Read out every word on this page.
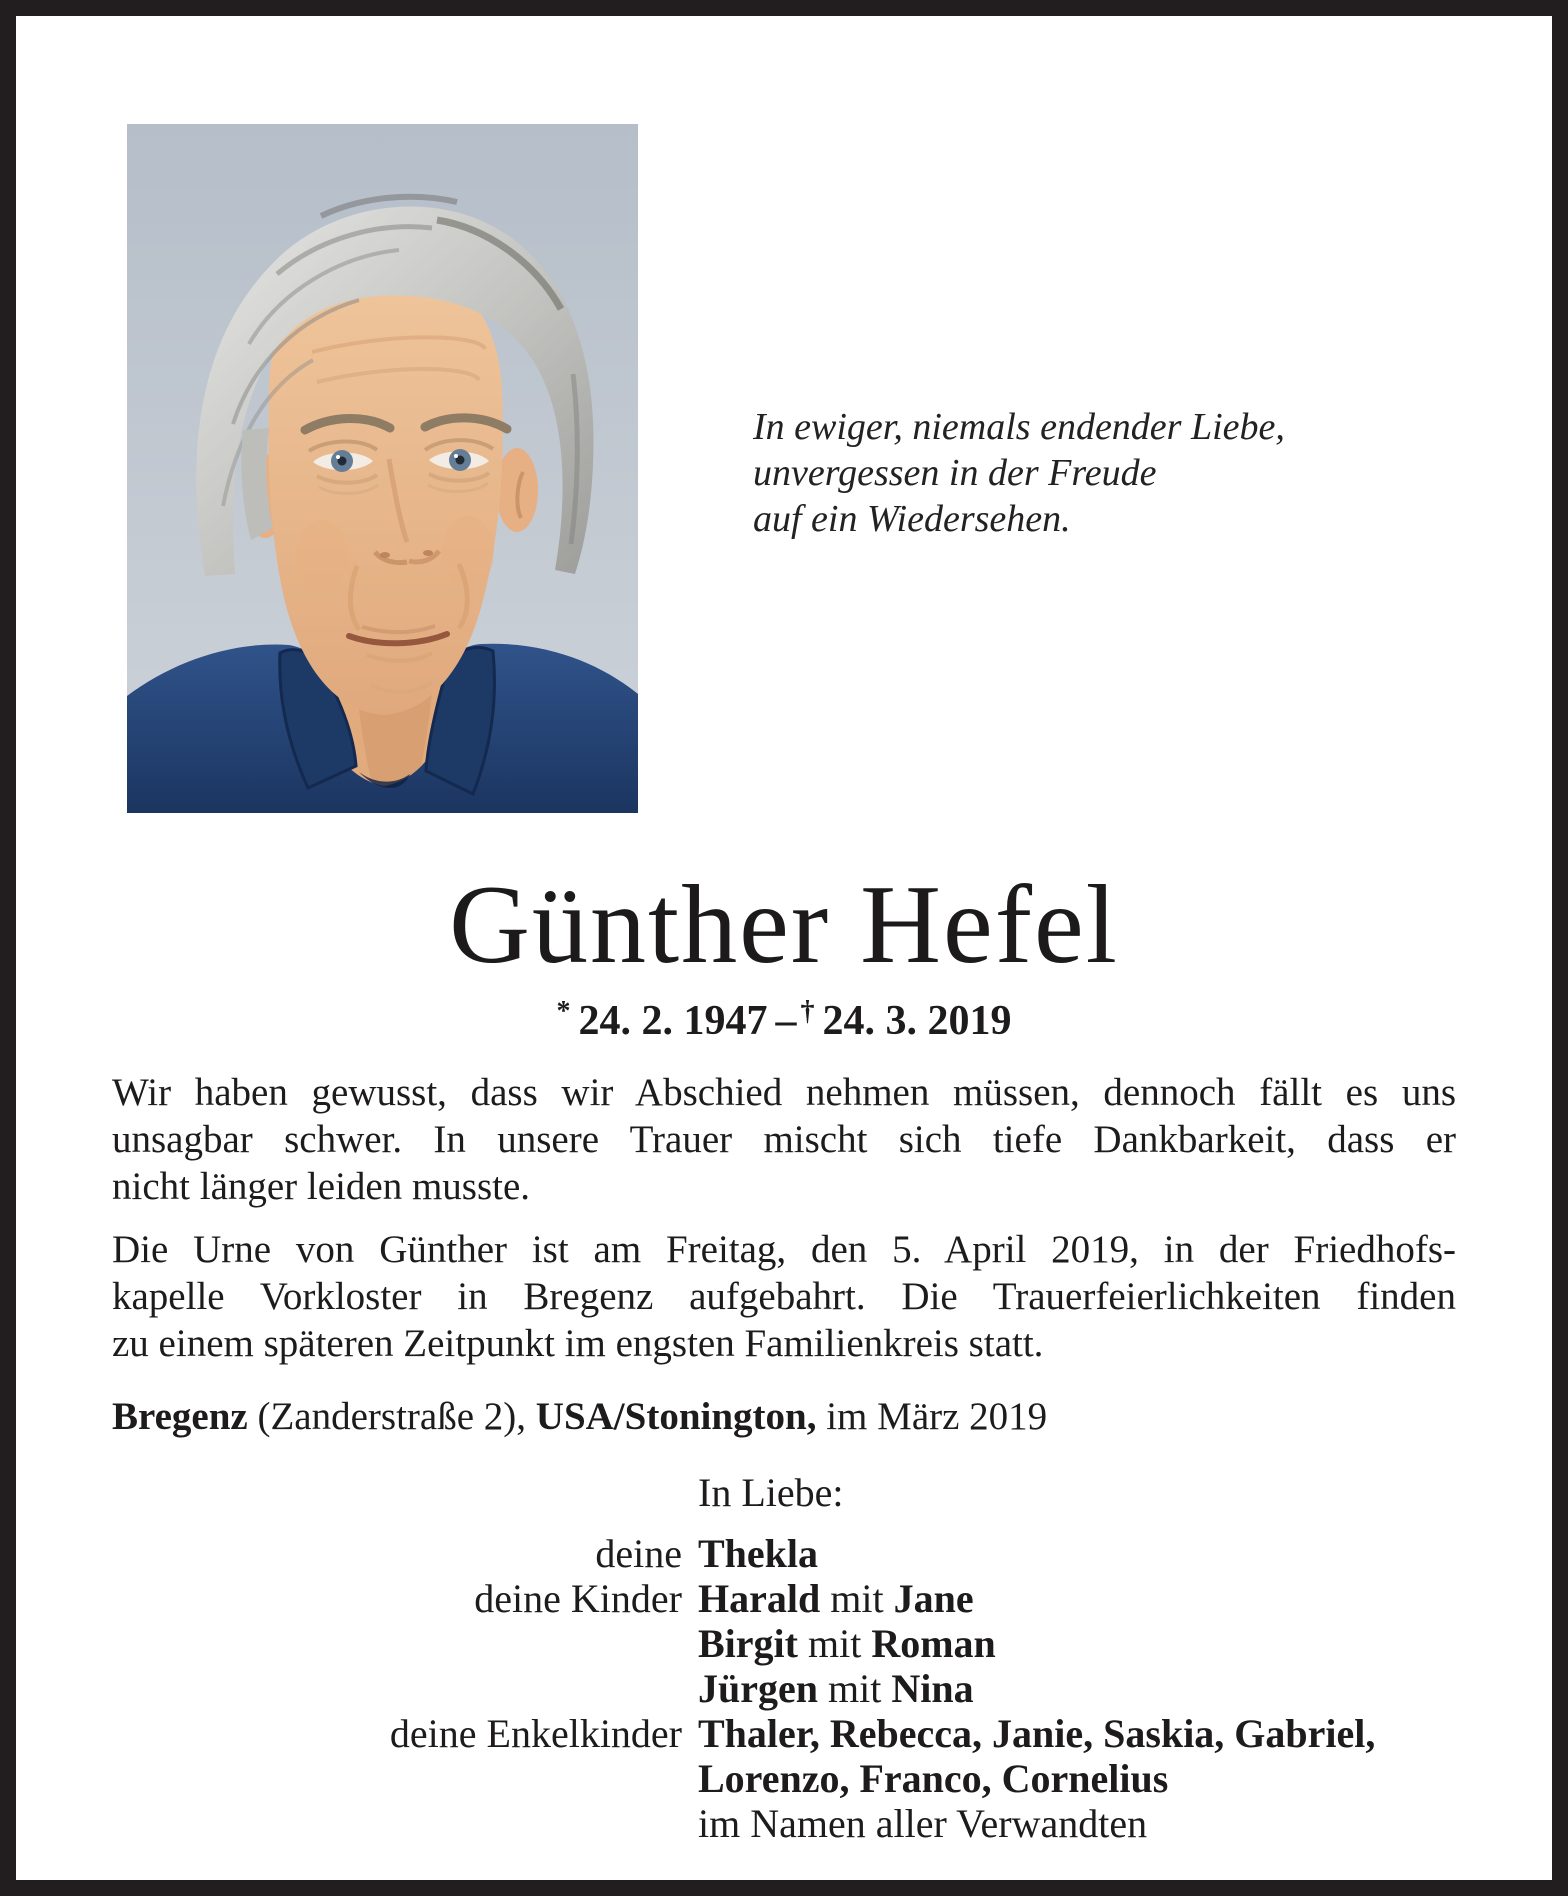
In ewiger, niemals endender Liebe,
unvergessen in der Freude
auf ein Wiedersehen.
Günther Hefel
* 24. 2. 1947 – † 24. 3. 2019
Wir haben gewusst, dass wir Abschied nehmen müssen, dennoch fällt es uns
unsagbar schwer. In unsere Trauer mischt sich tiefe Dankbarkeit, dass er
nicht länger leiden musste.
Die Urne von Günther ist am Freitag, den 5. April 2019, in der Friedhofs-
kapelle Vorkloster in Bregenz aufgebahrt. Die Trauerfeierlichkeiten finden
zu einem späteren Zeitpunkt im engsten Familienkreis statt.
Bregenz (Zanderstraße 2), USA/Stonington, im März 2019
In Liebe:
deine Thekla
deine Kinder Harald mit Jane
Birgit mit Roman
Jürgen mit Nina
deine Enkelkinder Thaler, Rebecca, Janie, Saskia, Gabriel,
Lorenzo, Franco, Cornelius
im Namen aller Verwandten
